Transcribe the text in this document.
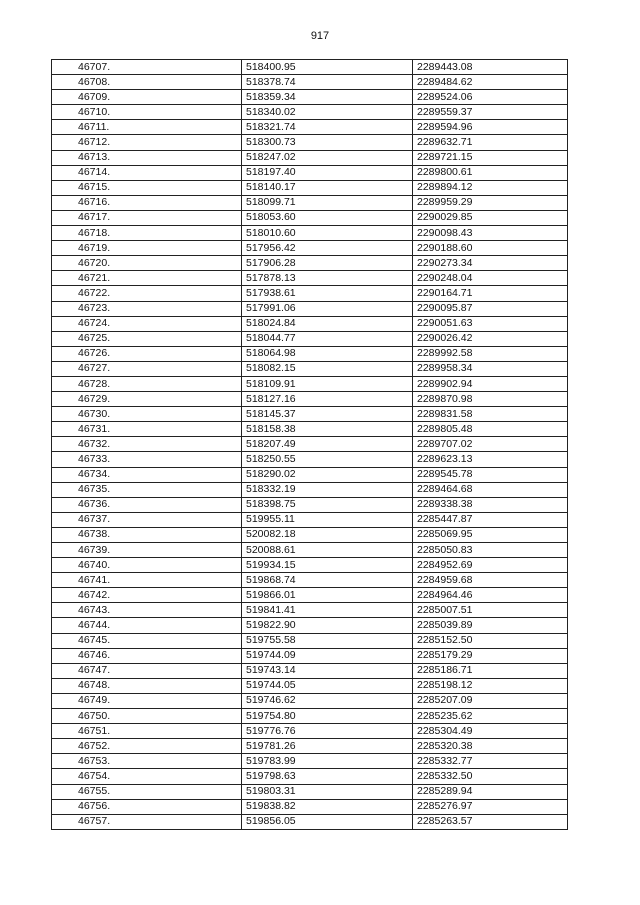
917
46707.	518400.95	2289443.08
46708.	518378.74	2289484.62
46709.	518359.34	2289524.06
46710.	518340.02	2289559.37
46711.	518321.74	2289594.96
46712.	518300.73	2289632.71
46713.	518247.02	2289721.15
46714.	518197.40	2289800.61
46715.	518140.17	2289894.12
46716.	518099.71	2289959.29
46717.	518053.60	2290029.85
46718.	518010.60	2290098.43
46719.	517956.42	2290188.60
46720.	517906.28	2290273.34
46721.	517878.13	2290248.04
46722.	517938.61	2290164.71
46723.	517991.06	2290095.87
46724.	518024.84	2290051.63
46725.	518044.77	2290026.42
46726.	518064.98	2289992.58
46727.	518082.15	2289958.34
46728.	518109.91	2289902.94
46729.	518127.16	2289870.98
46730.	518145.37	2289831.58
46731.	518158.38	2289805.48
46732.	518207.49	2289707.02
46733.	518250.55	2289623.13
46734.	518290.02	2289545.78
46735.	518332.19	2289464.68
46736.	518398.75	2289338.38
46737.	519955.11	2285447.87
46738.	520082.18	2285069.95
46739.	520088.61	2285050.83
46740.	519934.15	2284952.69
46741.	519868.74	2284959.68
46742.	519866.01	2284964.46
46743.	519841.41	2285007.51
46744.	519822.90	2285039.89
46745.	519755.58	2285152.50
46746.	519744.09	2285179.29
46747.	519743.14	2285186.71
46748.	519744.05	2285198.12
46749.	519746.62	2285207.09
46750.	519754.80	2285235.62
46751.	519776.76	2285304.49
46752.	519781.26	2285320.38
46753.	519783.99	2285332.77
46754.	519798.63	2285332.50
46755.	519803.31	2285289.94
46756.	519838.82	2285276.97
46757.	519856.05	2285263.57
